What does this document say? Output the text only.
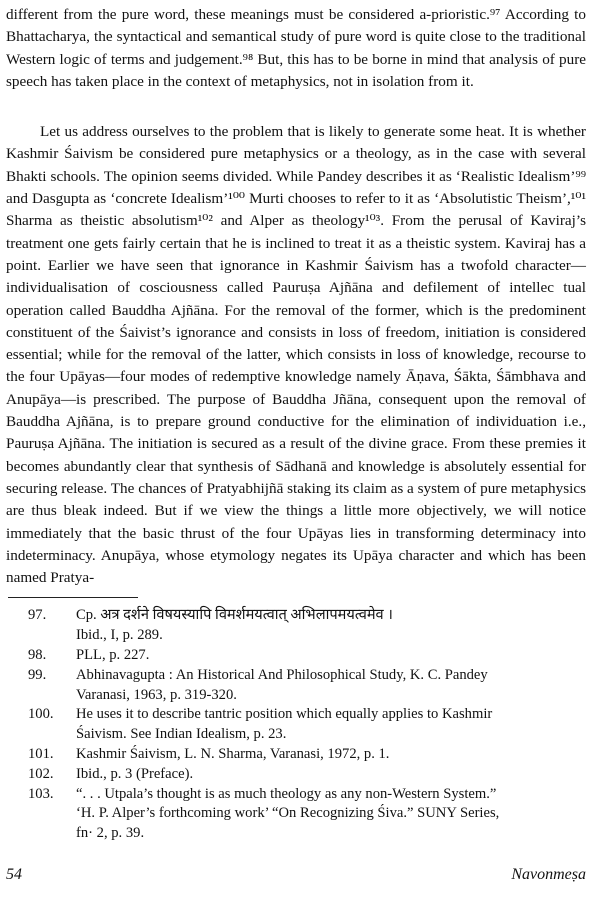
different from the pure word, these meanings must be considered a-prioristic.⁹⁷ According to Bhattacharya, the syntactical and semantical study of pure word is quite close to the traditional Western logic of terms and judgement.⁹⁸ But, this has to be borne in mind that analysis of pure speech has taken place in the context of metaphysics, not in isolation from it.

Let us address ourselves to the problem that is likely to generate some heat. It is whether Kashmir Śaivism be considered pure metaphysics or a theology, as in the case with several Bhakti schools. The opinion seems divided. While Pandey describes it as ‘Realistic Idealism’⁹⁹ and Dasgupta as ‘concrete Idealism’¹⁰⁰ Murti chooses to refer to it as ‘Absolutistic Theism’,¹⁰¹ Sharma as theistic absolutism¹⁰² and Alper as theology¹⁰³. From the perusal of Kaviraj’s treatment one gets fairly certain that he is inclined to treat it as a theistic system. Kaviraj has a point. Earlier we have seen that ignorance in Kashmir Śaivism has a twofold character—individualisation of cosciousness called Pauruṣa Ajñāna and defilement of intellec tual operation called Bauddha Ajñāna. For the removal of the former, which is the predominent constituent of the Śaivist’s ignorance and consists in loss of freedom, initiation is considered essential; while for the removal of the latter, which consists in loss of knowledge, recourse to the four Upāyas—four modes of redemptive knowledge namely Āṇava, Śākta, Śāmbhava and Anupāya—is prescribed. The purpose of Bauddha Jñāna, consequent upon the removal of Bauddha Ajñāna, is to prepare ground conductive for the elimination of individuation i.e., Pauruṣa Ajñāna. The initiation is secured as a result of the divine grace. From these premies it becomes abundantly clear that synthesis of Sādhanā and knowledge is absolutely essential for securing release. The chances of Pratyabhijñā staking its claim as a system of pure metaphysics are thus bleak indeed. But if we view the things a little more objectively, we will notice immediately that the basic thrust of the four Upāyas lies in transforming determinacy into indeterminacy. Anupāya, whose etymology negates its Upāya character and which has been named Pratya-

97.	Cp. अत्र दर्शने विषयस्यापि विमर्शमयत्वात् अभिलापमयत्वमेव ।
Ibid., I, p. 289.
98.	PLL, p. 227.
99.	Abhinavagupta : An Historical And Philosophical Study, K. C. Pandey
Varanasi, 1963, p. 319-320.
100.	He uses it to describe tantric position which equally applies to Kashmir
Śaivism. See Indian Idealism, p. 23.
101.	Kashmir Śaivism, L. N. Sharma, Varanasi, 1972, p. 1.
102.	Ibid., p. 3 (Preface).
103.	“. . . Utpala’s thought is as much theology as any non-Western System.”
‘H. P. Alper’s forthcoming work’ “On Recognizing Śiva.” SUNY Series,
fn· 2, p. 39.
54	Navonmeṣa
